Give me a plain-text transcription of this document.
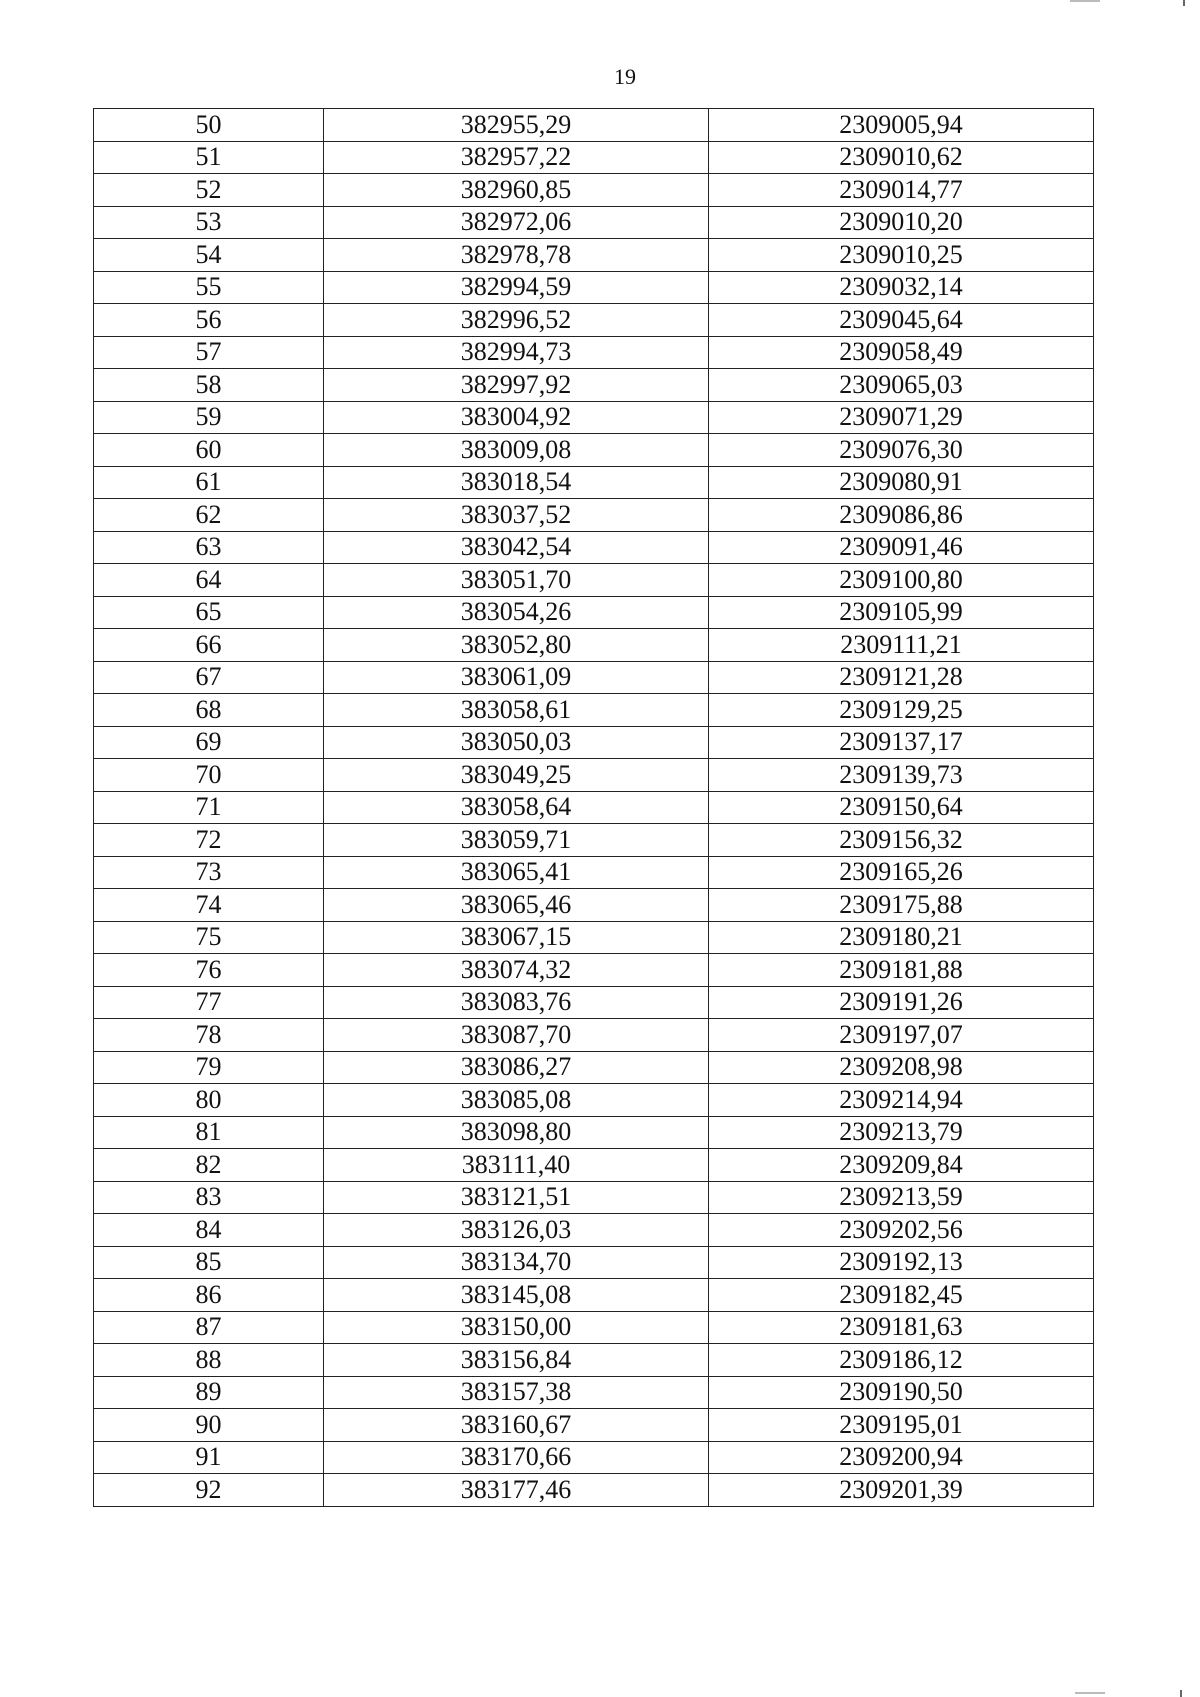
19
50	382955,29	2309005,94
51	382957,22	2309010,62
52	382960,85	2309014,77
53	382972,06	2309010,20
54	382978,78	2309010,25
55	382994,59	2309032,14
56	382996,52	2309045,64
57	382994,73	2309058,49
58	382997,92	2309065,03
59	383004,92	2309071,29
60	383009,08	2309076,30
61	383018,54	2309080,91
62	383037,52	2309086,86
63	383042,54	2309091,46
64	383051,70	2309100,80
65	383054,26	2309105,99
66	383052,80	2309111,21
67	383061,09	2309121,28
68	383058,61	2309129,25
69	383050,03	2309137,17
70	383049,25	2309139,73
71	383058,64	2309150,64
72	383059,71	2309156,32
73	383065,41	2309165,26
74	383065,46	2309175,88
75	383067,15	2309180,21
76	383074,32	2309181,88
77	383083,76	2309191,26
78	383087,70	2309197,07
79	383086,27	2309208,98
80	383085,08	2309214,94
81	383098,80	2309213,79
82	383111,40	2309209,84
83	383121,51	2309213,59
84	383126,03	2309202,56
85	383134,70	2309192,13
86	383145,08	2309182,45
87	383150,00	2309181,63
88	383156,84	2309186,12
89	383157,38	2309190,50
90	383160,67	2309195,01
91	383170,66	2309200,94
92	383177,46	2309201,39
